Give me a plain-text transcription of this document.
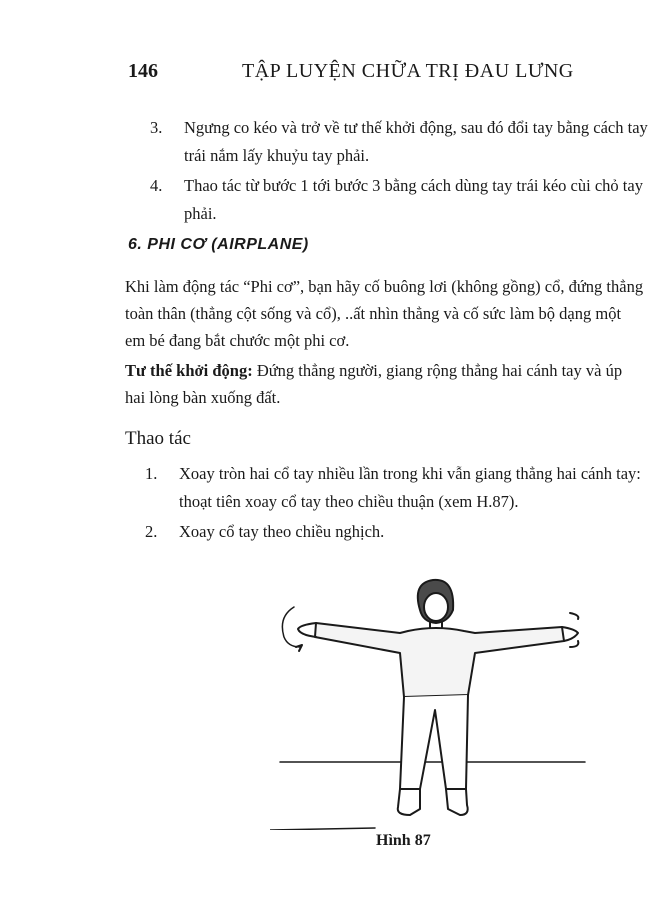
146	TẬP LUYỆN CHỮA TRỊ ĐAU LƯNG
3. Ngưng co kéo và trở về tư thế khởi động, sau đó đổi tay bằng cách tay trái nắm lấy khuỷu tay phải.
4. Thao tác từ bước 1 tới bước 3 bằng cách dùng tay trái kéo cùi chỏ tay phải.
6. PHI CƠ (AIRPLANE)
Khi làm động tác “Phi cơ”, bạn hãy cố buông lơi (không gồng) cổ, đứng thẳng toàn thân (thẳng cột sống và cổ), ..ất nhìn thẳng và cố sức làm bộ dạng một em bé đang bắt chước một phi cơ.
Tư thế khởi động: Đứng thẳng người, giang rộng thẳng hai cánh tay và úp hai lòng bàn xuống đất.
Thao tác
1. Xoay tròn hai cổ tay nhiều lần trong khi vẫn giang thẳng hai cánh tay: thoạt tiên xoay cổ tay theo chiều thuận (xem H.87).
2. Xoay cổ tay theo chiều nghịch.
Hình 87
